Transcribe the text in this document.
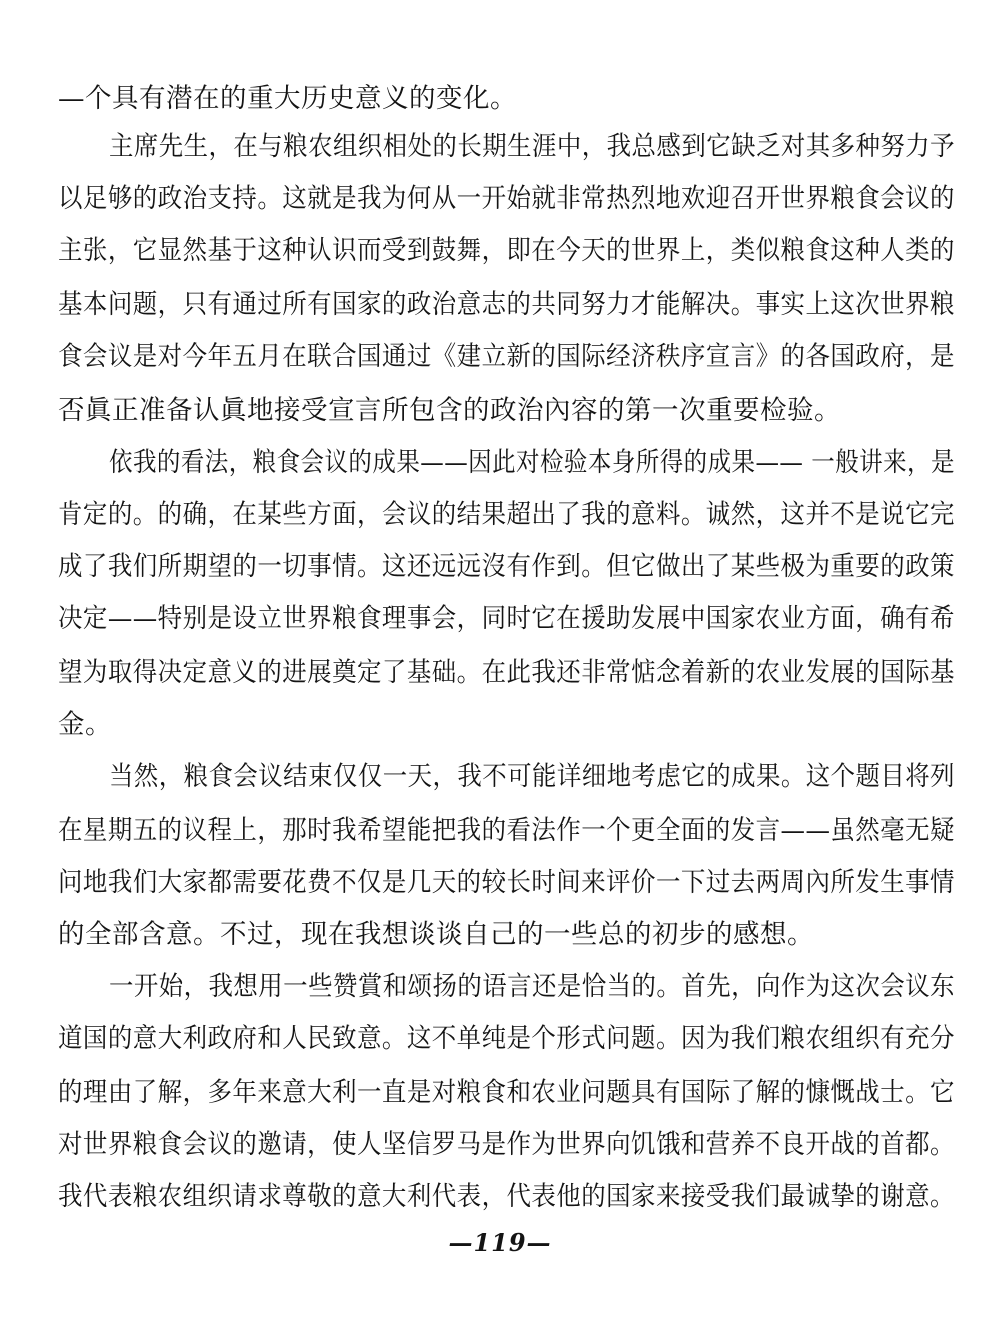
—个具有潜在的重大历史意义的变化。
主席先生，在与粮农组织相处的长期生涯中，我总感到它缺乏对其多种努力予
以足够的政治支持。这就是我为何从一开始就非常热烈地欢迎召开世界粮食会议的
主张，它显然基于这种认识而受到鼓舞，即在今天的世界上，类似粮食这种人类的
基本问题，只有通过所有国家的政治意志的共同努力才能解决。事实上这次世界粮
食会议是对今年五月在联合国通过《建立新的国际经济秩序宣言》的各国政府，是
否眞正准备认眞地接受宣言所包含的政治內容的第一次重要检验。
依我的看法，粮食会议的成果——因此对检验本身所得的成果—— 一般讲来，是
肯定的。的确，在某些方面，会议的结果超出了我的意料。诚然，这并不是说它完
成了我们所期望的一切事情。这还远远沒有作到。但它做出了某些极为重要的政策
决定——特别是设立世界粮食理事会，同时它在援助发展中国家农业方面，确有希
望为取得决定意义的进展奠定了基础。在此我还非常惦念着新的农业发展的国际基
金。
当然，粮食会议结束仅仅一天，我不可能详细地考虑它的成果。这个题目将列
在星期五的议程上，那时我希望能把我的看法作一个更全面的发言——虽然毫无疑
问地我们大家都需要花费不仅是几天的较长时间来评价一下过去两周內所发生事情
的全部含意。不过，现在我想谈谈自己的一些总的初步的感想。
一开始，我想用一些赞賞和颂扬的语言还是恰当的。首先，向作为这次会议东
道国的意大利政府和人民致意。这不单纯是个形式问题。因为我们粮农组织有充分
的理由了解，多年来意大利一直是对粮食和农业问题具有国际了解的慷慨战士。它
对世界粮食会议的邀请，使人坚信罗马是作为世界向饥饿和营养不良开战的首都。
我代表粮农组织请求尊敬的意大利代表，代表他的国家来接受我们最诚挚的谢意。
—119—
